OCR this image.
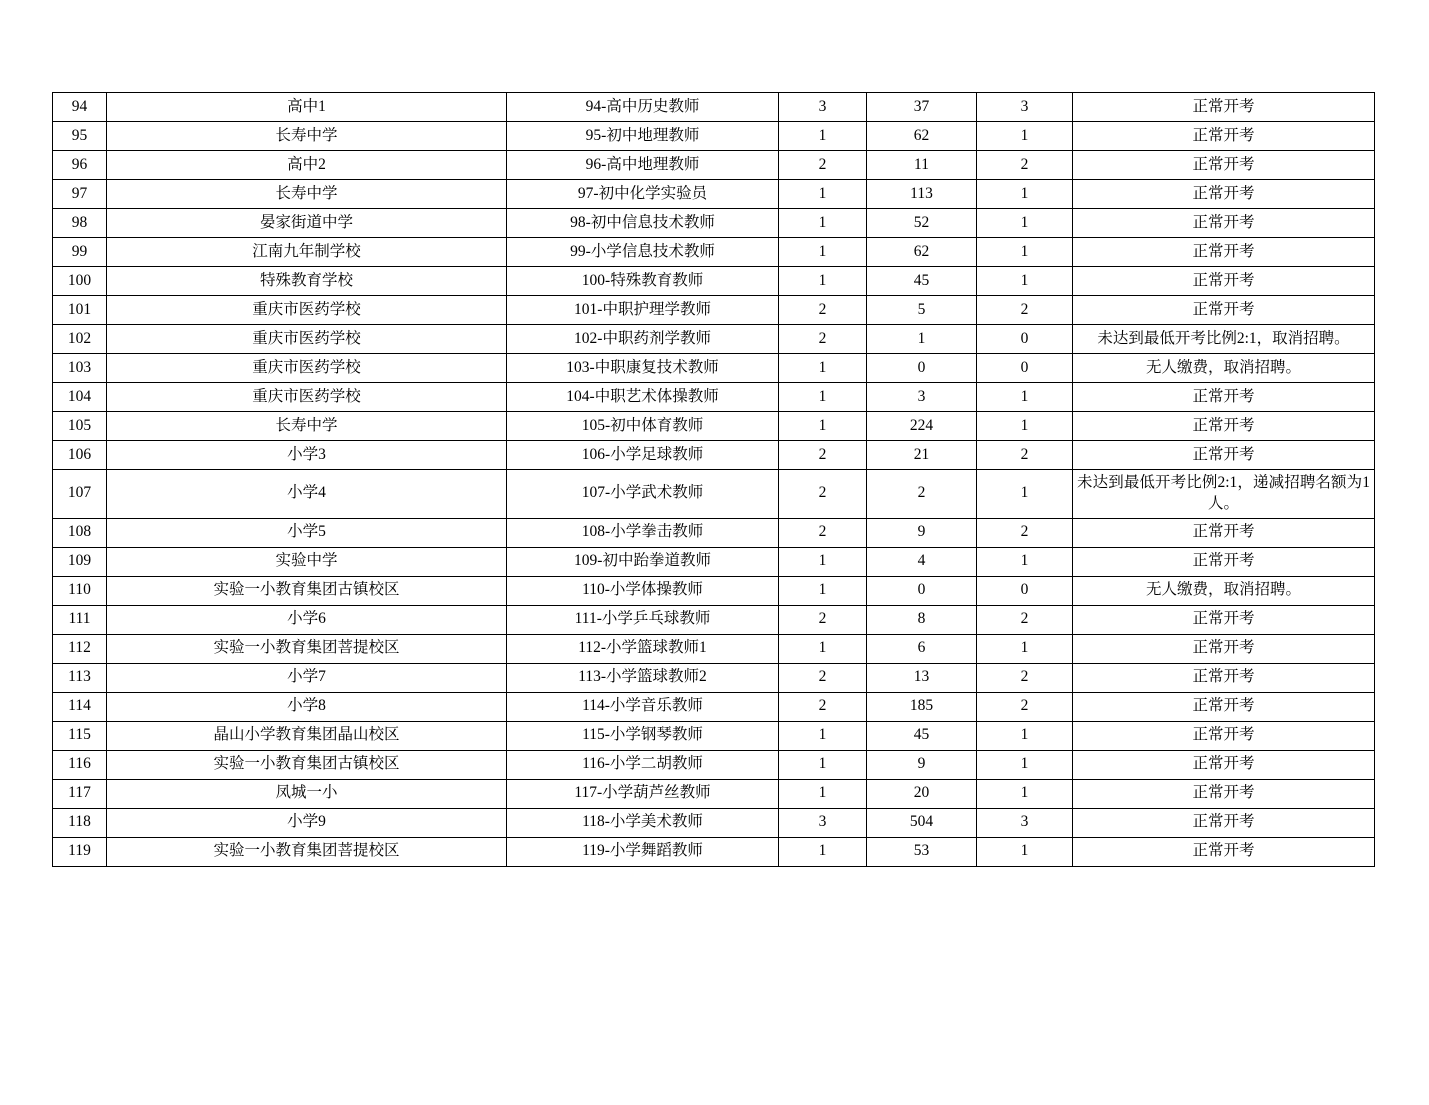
94	高中1	94-高中历史教师	3	37	3	正常开考
95	长寿中学	95-初中地理教师	1	62	1	正常开考
96	高中2	96-高中地理教师	2	11	2	正常开考
97	长寿中学	97-初中化学实验员	1	113	1	正常开考
98	晏家街道中学	98-初中信息技术教师	1	52	1	正常开考
99	江南九年制学校	99-小学信息技术教师	1	62	1	正常开考
100	特殊教育学校	100-特殊教育教师	1	45	1	正常开考
101	重庆市医药学校	101-中职护理学教师	2	5	2	正常开考
102	重庆市医药学校	102-中职药剂学教师	2	1	0	未达到最低开考比例2:1，取消招聘。
103	重庆市医药学校	103-中职康复技术教师	1	0	0	无人缴费，取消招聘。
104	重庆市医药学校	104-中职艺术体操教师	1	3	1	正常开考
105	长寿中学	105-初中体育教师	1	224	1	正常开考
106	小学3	106-小学足球教师	2	21	2	正常开考
107	小学4	107-小学武术教师	2	2	1	未达到最低开考比例2:1，递减招聘名额为1人。
108	小学5	108-小学拳击教师	2	9	2	正常开考
109	实验中学	109-初中跆拳道教师	1	4	1	正常开考
110	实验一小教育集团古镇校区	110-小学体操教师	1	0	0	无人缴费，取消招聘。
111	小学6	111-小学乒乓球教师	2	8	2	正常开考
112	实验一小教育集团菩提校区	112-小学篮球教师1	1	6	1	正常开考
113	小学7	113-小学篮球教师2	2	13	2	正常开考
114	小学8	114-小学音乐教师	2	185	2	正常开考
115	晶山小学教育集团晶山校区	115-小学钢琴教师	1	45	1	正常开考
116	实验一小教育集团古镇校区	116-小学二胡教师	1	9	1	正常开考
117	凤城一小	117-小学葫芦丝教师	1	20	1	正常开考
118	小学9	118-小学美术教师	3	504	3	正常开考
119	实验一小教育集团菩提校区	119-小学舞蹈教师	1	53	1	正常开考
